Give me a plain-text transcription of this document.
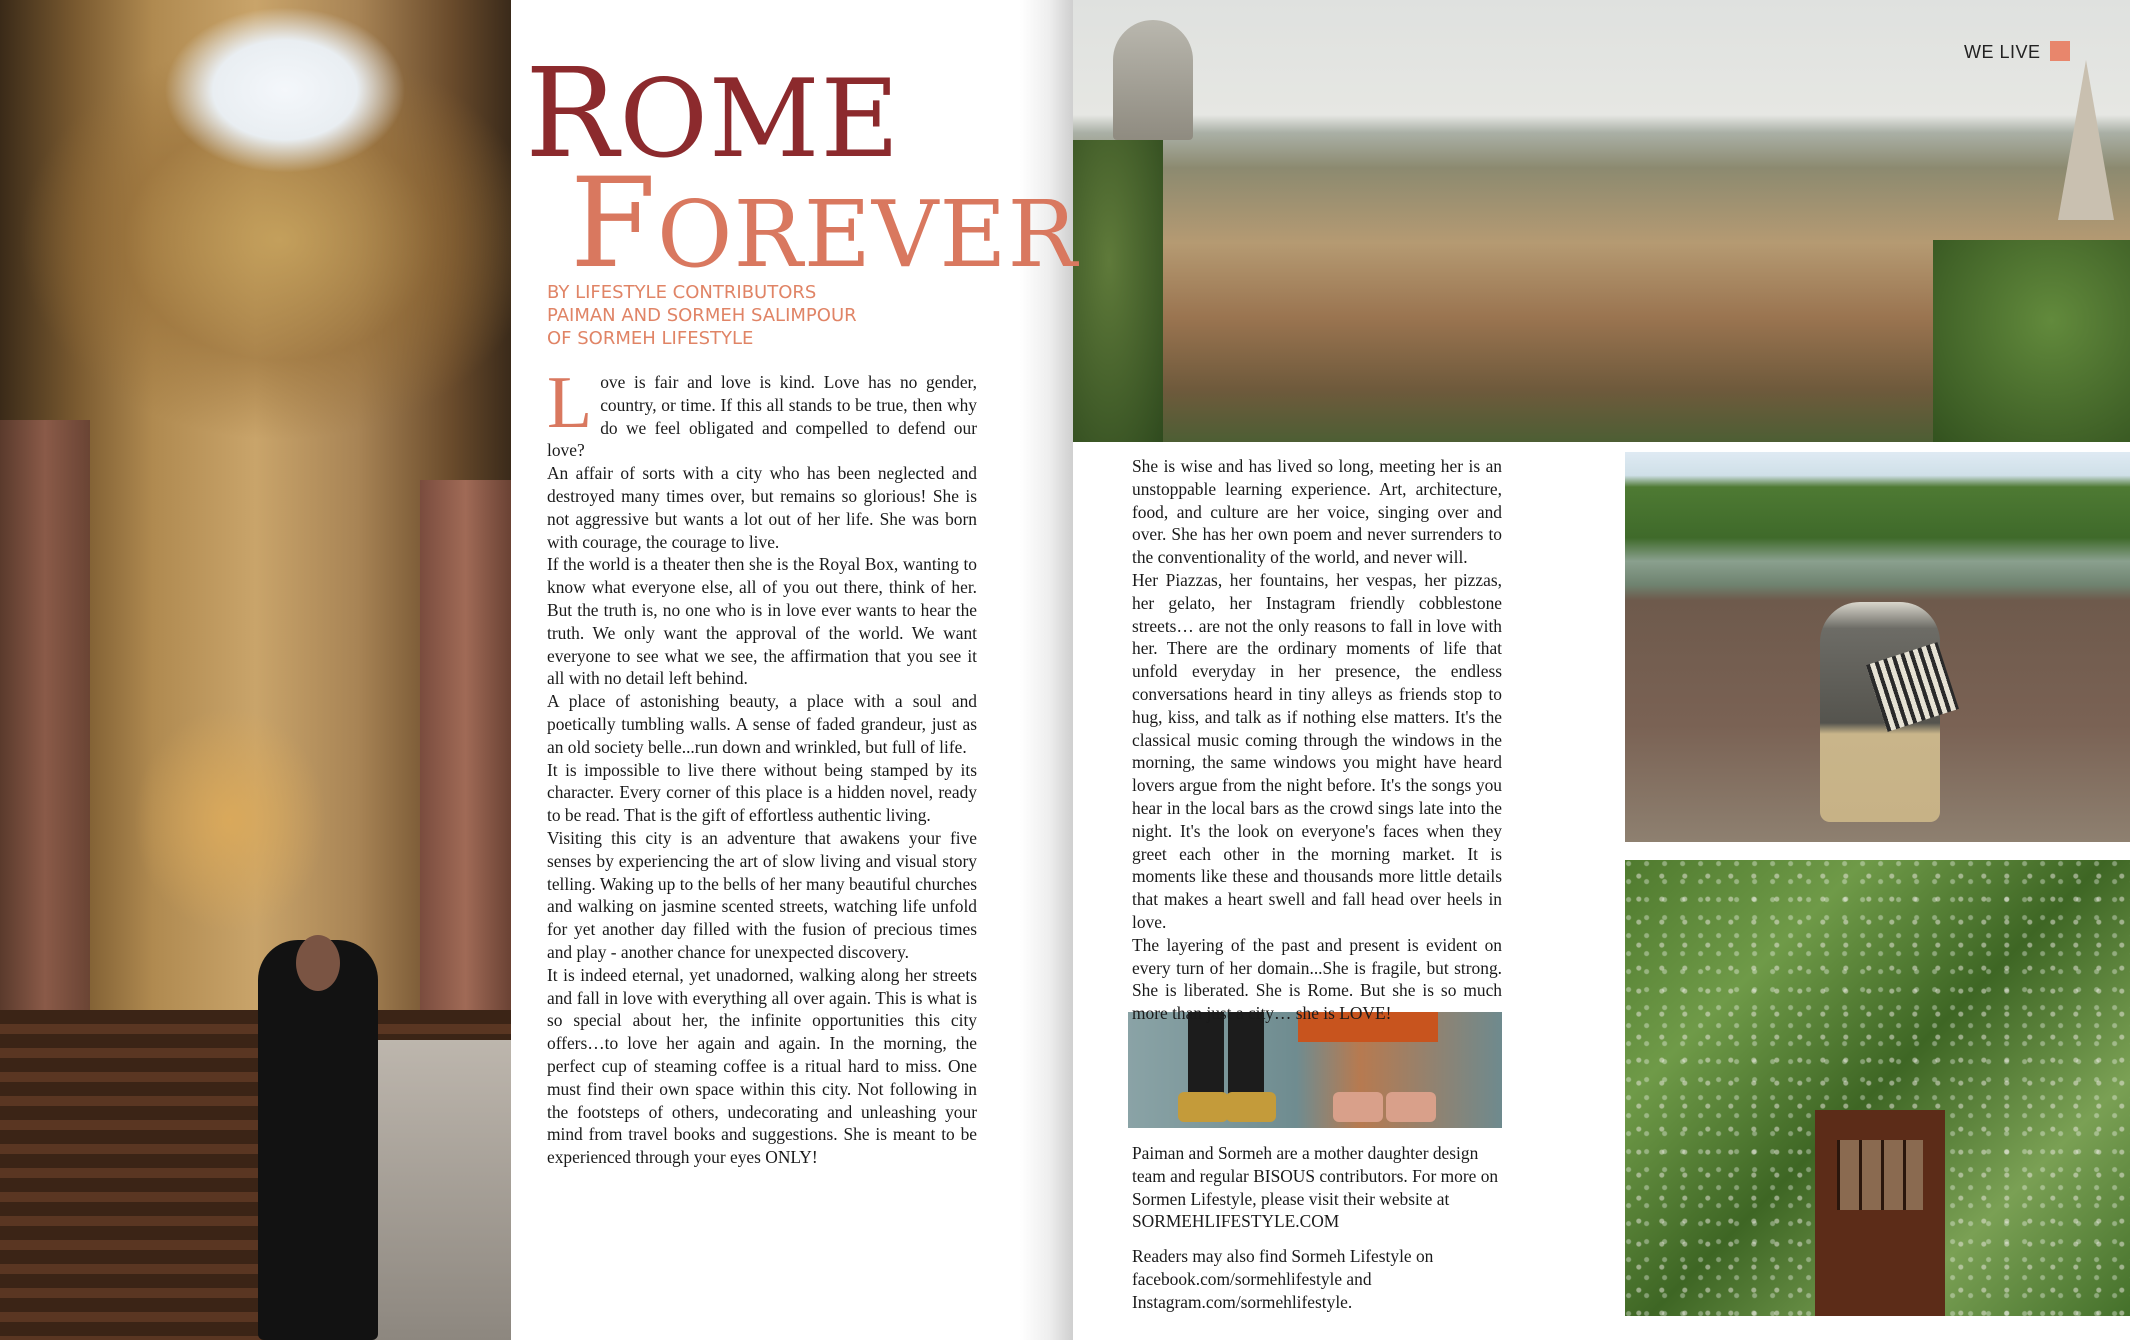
WE LIVE
ROME
FOREVER
BY LIFESTYLE CONTRIBUTORS
PAIMAN AND SORMEH SALIMPOUR
OF SORMEH LIFESTYLE

Love is fair and love is kind. Love has no gender, country, or time. If this all stands to be true, then why do we feel obligated and compelled to defend our love?

An affair of sorts with a city who has been neglected and destroyed many times over, but remains so glorious! She is not aggressive but wants a lot out of her life. She was born with courage, the courage to live.

If the world is a theater then she is the Royal Box, wanting to know what everyone else, all of you out there, think of her. But the truth is, no one who is in love ever wants to hear the truth. We only want the approval of the world. We want everyone to see what we see, the affirmation that you see it all with no detail left behind.

A place of astonishing beauty, a place with a soul and poetically tumbling walls. A sense of faded grandeur, just as an old society belle...run down and wrinkled, but full of life.

It is impossible to live there without being stamped by its character. Every corner of this place is a hidden novel, ready to be read. That is the gift of effortless authentic living.

Visiting this city is an adventure that awakens your five senses by experiencing the art of slow living and visual story telling. Waking up to the bells of her many beautiful churches and walking on jasmine scented streets, watching life unfold for yet another day filled with the fusion of precious times and play - another chance for unexpected discovery.

It is indeed eternal, yet unadorned, walking along her streets and fall in love with everything all over again. This is what is so special about her, the infinite opportunities this city offers…to love her again and again. In the morning, the perfect cup of steaming coffee is a ritual hard to miss. One must find their own space within this city. Not following in the footsteps of others, undecorating and unleashing your mind from travel books and suggestions. She is meant to be experienced through your eyes ONLY!

She is wise and has lived so long, meeting her is an unstoppable learning experience. Art, architecture, food, and culture are her voice, singing over and over. She has her own poem and never surrenders to the conventionality of the world, and never will.

Her Piazzas, her fountains, her vespas, her pizzas, her gelato, her Instagram friendly cobblestone streets… are not the only reasons to fall in love with her. There are the ordinary moments of life that unfold everyday in her presence, the endless conversations heard in tiny alleys as friends stop to hug, kiss, and talk as if nothing else matters. It's the classical music coming through the windows in the morning, the same windows you might have heard lovers argue from the night before. It's the songs you hear in the local bars as the crowd sings late into the night. It's the look on everyone's faces when they greet each other in the morning market. It is moments like these and thousands more little details that makes a heart swell and fall head over heels in love.

The layering of the past and present is evident on every turn of her domain...She is fragile, but strong. She is liberated. She is Rome. But she is so much more than just a city… she is LOVE!

Paiman and Sormeh are a mother daughter design team and regular BISOUS contributors. For more on Sormen Lifestyle, please visit their website at SORMEHLIFESTYLE.COM

Readers may also find Sormeh Lifestyle on facebook.com/sormehlifestyle and Instagram.com/sormehlifestyle.
